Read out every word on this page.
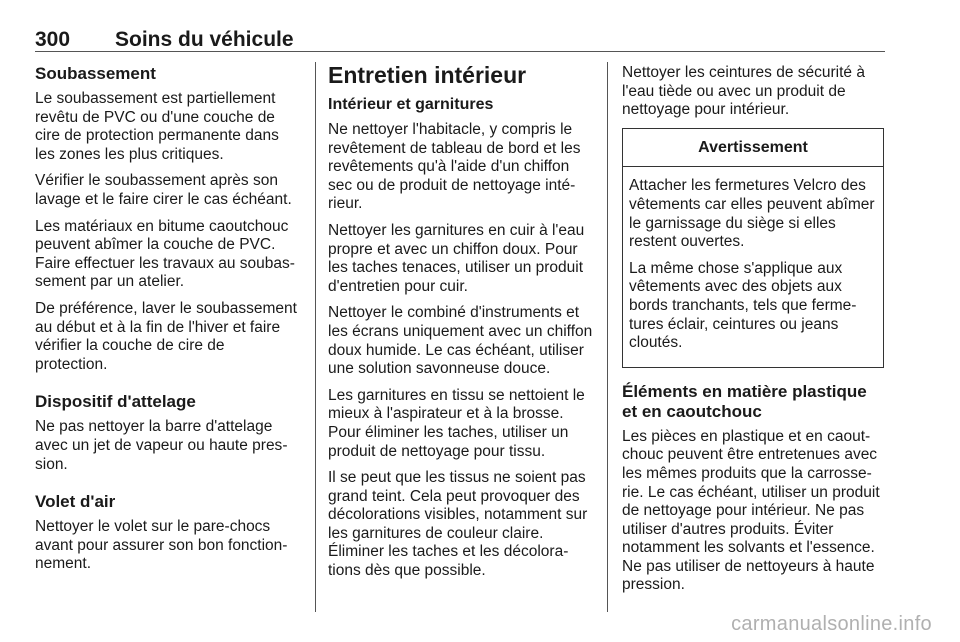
300 Soins du véhicule
Soubassement

Le soubassement est partiellement revêtu de PVC ou d'une couche de cire de protection permanente dans les zones les plus critiques.

Vérifier le soubassement après son lavage et le faire cirer le cas échéant.

Les matériaux en bitume caoutchouc peuvent abîmer la couche de PVC. Faire effectuer les travaux au soubassement par un atelier.

De préférence, laver le soubassement au début et à la fin de l'hiver et faire vérifier la couche de cire de protection.

Dispositif d'attelage

Ne pas nettoyer la barre d'attelage avec un jet de vapeur ou haute pression.

Volet d'air

Nettoyer le volet sur le pare-chocs avant pour assurer son bon fonctionnement.

Entretien intérieur
Intérieur et garnitures

Ne nettoyer l'habitacle, y compris le revêtement de tableau de bord et les revêtements qu'à l'aide d'un chiffon sec ou de produit de nettoyage intérieur.

Nettoyer les garnitures en cuir à l'eau propre et avec un chiffon doux. Pour les taches tenaces, utiliser un produit d'entretien pour cuir.

Nettoyer le combiné d'instruments et les écrans uniquement avec un chiffon doux humide. Le cas échéant, utiliser une solution savonneuse douce.

Les garnitures en tissu se nettoient le mieux à l'aspirateur et à la brosse. Pour éliminer les taches, utiliser un produit de nettoyage pour tissu.

Il se peut que les tissus ne soient pas grand teint. Cela peut provoquer des décolorations visibles, notamment sur les garnitures de couleur claire. Éliminer les taches et les décolorations dès que possible.

Nettoyer les ceintures de sécurité à l'eau tiède ou avec un produit de nettoyage pour intérieur.

Avertissement

Attacher les fermetures Velcro des vêtements car elles peuvent abîmer le garnissage du siège si elles restent ouvertes.

La même chose s'applique aux vêtements avec des objets aux bords tranchants, tels que fermetures éclair, ceintures ou jeans cloutés.

Éléments en matière plastique et en caoutchouc

Les pièces en plastique et en caoutchouc peuvent être entretenues avec les mêmes produits que la carrosserie. Le cas échéant, utiliser un produit de nettoyage pour intérieur. Ne pas utiliser d'autres produits. Éviter notamment les solvants et l'essence. Ne pas utiliser de nettoyeurs à haute pression.

carmanualsonline.info
